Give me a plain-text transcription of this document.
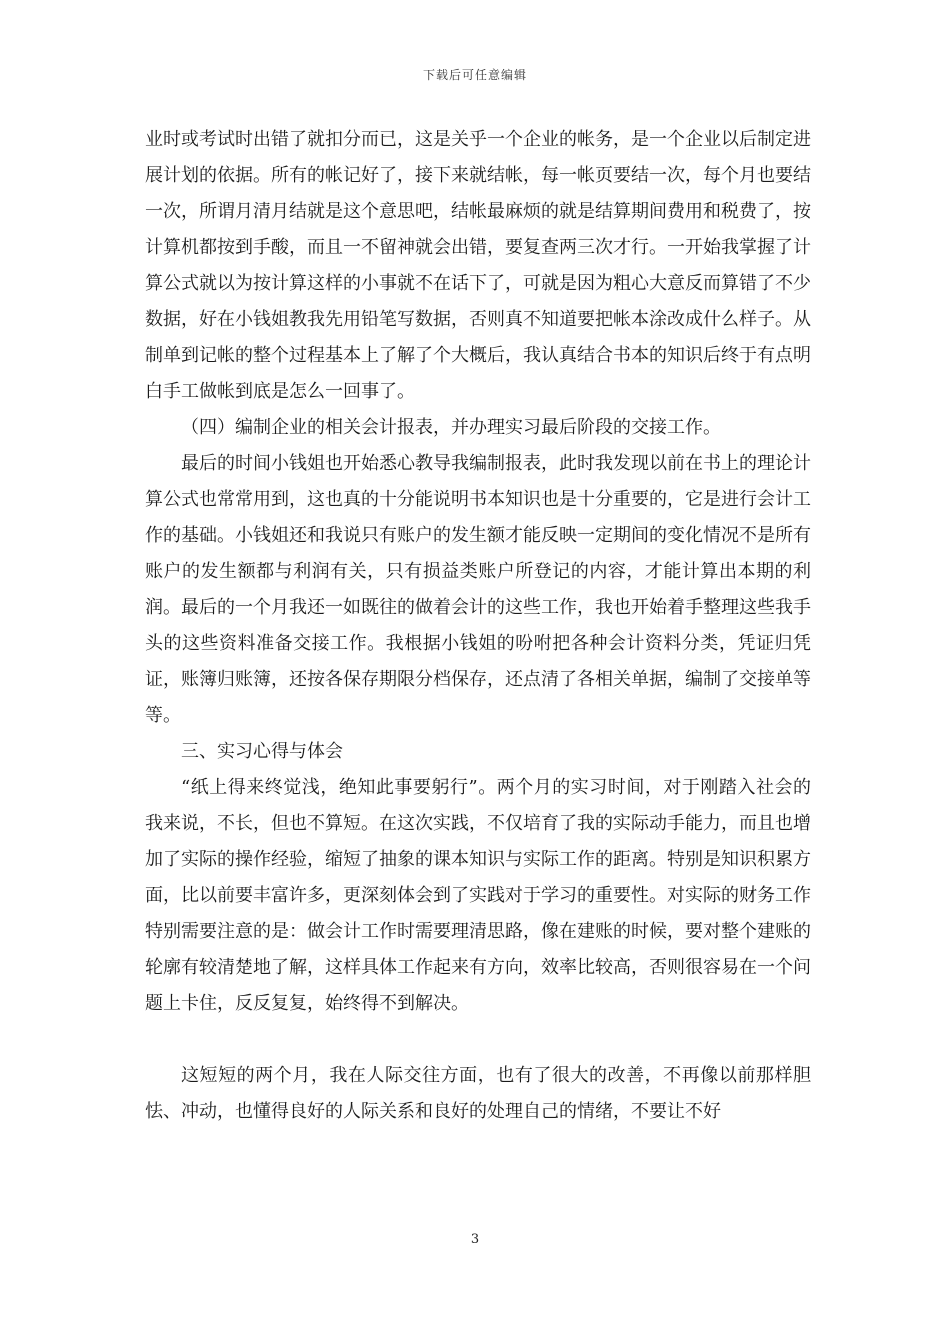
下载后可任意编辑

业时或考试时出错了就扣分而已，这是关乎一个企业的帐务，是一个企业以后制定进展计划的依据。所有的帐记好了，接下来就结帐，每一帐页要结一次，每个月也要结一次，所谓月清月结就是这个意思吧，结帐最麻烦的就是结算期间费用和税费了，按计算机都按到手酸，而且一不留神就会出错，要复查两三次才行。一开始我掌握了计算公式就以为按计算这样的小事就不在话下了，可就是因为粗心大意反而算错了不少数据，好在小钱姐教我先用铅笔写数据，否则真不知道要把帐本涂改成什么样子。从制单到记帐的整个过程基本上了解了个大概后，我认真结合书本的知识后终于有点明白手工做帐到底是怎么一回事了。

（四）编制企业的相关会计报表，并办理实习最后阶段的交接工作。

最后的时间小钱姐也开始悉心教导我编制报表，此时我发现以前在书上的理论计算公式也常常用到，这也真的十分能说明书本知识也是十分重要的，它是进行会计工作的基础。小钱姐还和我说只有账户的发生额才能反映一定期间的变化情况不是所有账户的发生额都与利润有关，只有损益类账户所登记的内容，才能计算出本期的利润。最后的一个月我还一如既往的做着会计的这些工作，我也开始着手整理这些我手头的这些资料准备交接工作。我根据小钱姐的吩咐把各种会计资料分类，凭证归凭证，账簿归账簿，还按各保存期限分档保存，还点清了各相关单据，编制了交接单等等。

三、实习心得与体会

“纸上得来终觉浅，绝知此事要躬行”。两个月的实习时间，对于刚踏入社会的我来说，不长，但也不算短。在这次实践，不仅培育了我的实际动手能力，而且也增加了实际的操作经验，缩短了抽象的课本知识与实际工作的距离。特别是知识积累方面，比以前要丰富许多，更深刻体会到了实践对于学习的重要性。对实际的财务工作特别需要注意的是：做会计工作时需要理清思路，像在建账的时候，要对整个建账的轮廓有较清楚地了解，这样具体工作起来有方向，效率比较高，否则很容易在一个问题上卡住，反反复复，始终得不到解决。

这短短的两个月，我在人际交往方面，也有了很大的改善，不再像以前那样胆怯、冲动，也懂得良好的人际关系和良好的处理自己的情绪，不要让不好

3
